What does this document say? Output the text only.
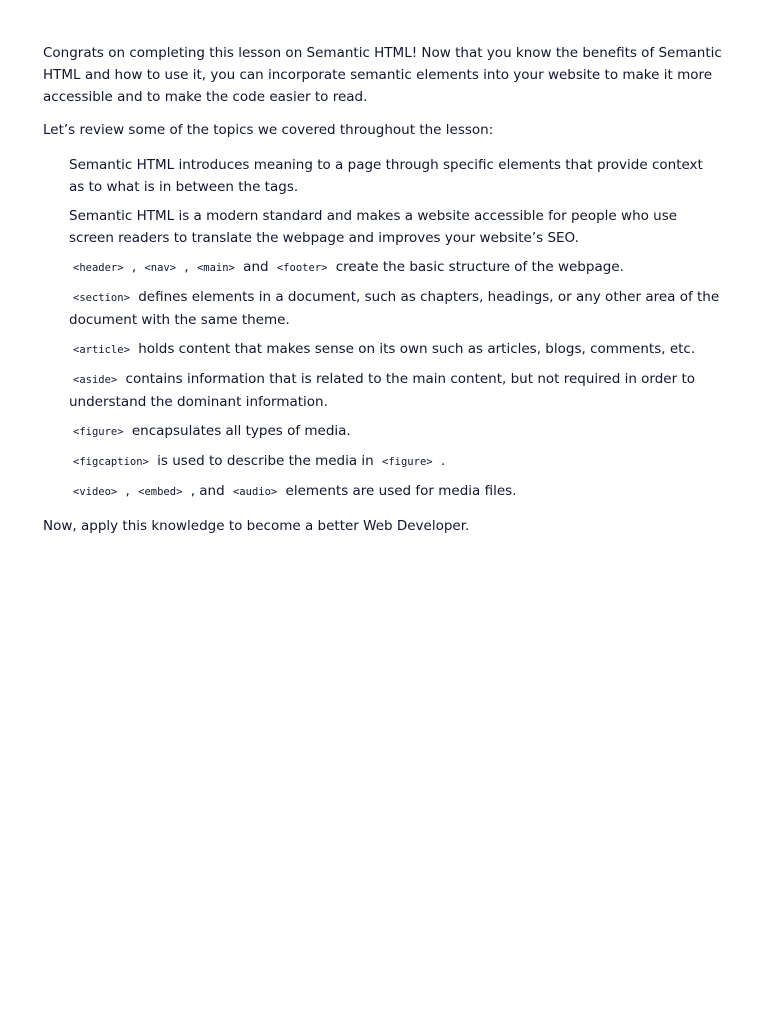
Congrats on completing this lesson on Semantic HTML! Now that you know the benefits of Semantic HTML and how to use it, you can incorporate semantic elements into your website to make it more accessible and to make the code easier to read.

Let’s review some of the topics we covered throughout the lesson:

Semantic HTML introduces meaning to a page through specific elements that provide context as to what is in between the tags.
Semantic HTML is a modern standard and makes a website accessible for people who use screen readers to translate the webpage and improves your website’s SEO.
<header> , <nav> , <main> and <footer> create the basic structure of the webpage.
<section> defines elements in a document, such as chapters, headings, or any other area of the document with the same theme.
<article> holds content that makes sense on its own such as articles, blogs, comments, etc.
<aside> contains information that is related to the main content, but not required in order to understand the dominant information.
<figure> encapsulates all types of media.
<figcaption> is used to describe the media in <figure> .
<video> , <embed> , and <audio> elements are used for media files.

Now, apply this knowledge to become a better Web Developer.
